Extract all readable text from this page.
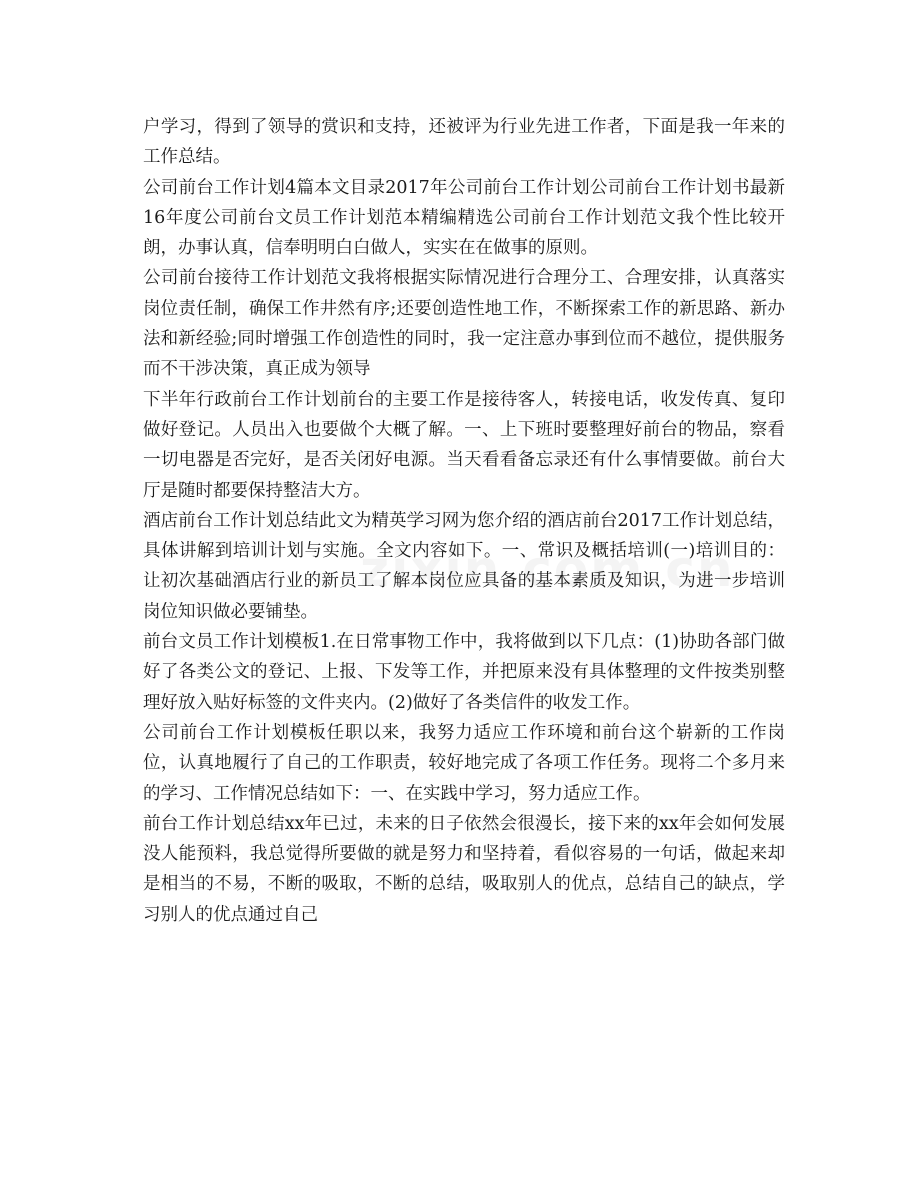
户学习，得到了领导的赏识和支持，还被评为行业先进工作者，下面是我一年来的工作总结。

公司前台工作计划4篇本文目录2017年公司前台工作计划公司前台工作计划书最新16年度公司前台文员工作计划范本精编精选公司前台工作计划范文我个性比较开朗，办事认真，信奉明明白白做人，实实在在做事的原则。

公司前台接待工作计划范文我将根据实际情况进行合理分工、合理安排，认真落实岗位责任制，确保工作井然有序;还要创造性地工作，不断探索工作的新思路、新办法和新经验;同时增强工作创造性的同时，我一定注意办事到位而不越位，提供服务而不干涉决策，真正成为领导

下半年行政前台工作计划前台的主要工作是接待客人，转接电话，收发传真、复印做好登记。人员出入也要做个大概了解。一、上下班时要整理好前台的物品，察看一切电器是否完好，是否关闭好电源。当天看看备忘录还有什么事情要做。前台大厅是随时都要保持整洁大方。

酒店前台工作计划总结此文为精英学习网为您介绍的酒店前台2017工作计划总结，具体讲解到培训计划与实施。全文内容如下。一、常识及概括培训(一)培训目的：让初次基础酒店行业的新员工了解本岗位应具备的基本素质及知识，为进一步培训岗位知识做必要铺垫。

前台文员工作计划模板1.在日常事物工作中，我将做到以下几点：(1)协助各部门做好了各类公文的登记、上报、下发等工作，并把原来没有具体整理的文件按类别整理好放入贴好标签的文件夹内。(2)做好了各类信件的收发工作。

公司前台工作计划模板任职以来，我努力适应工作环境和前台这个崭新的工作岗位，认真地履行了自己的工作职责，较好地完成了各项工作任务。现将二个多月来的学习、工作情况总结如下：一、在实践中学习，努力适应工作。

前台工作计划总结xx年已过，未来的日子依然会很漫长，接下来的xx年会如何发展没人能预料，我总觉得所要做的就是努力和坚持着，看似容易的一句话，做起来却是相当的不易，不断的吸取，不断的总结，吸取别人的优点，总结自己的缺点，学习别人的优点通过自己
